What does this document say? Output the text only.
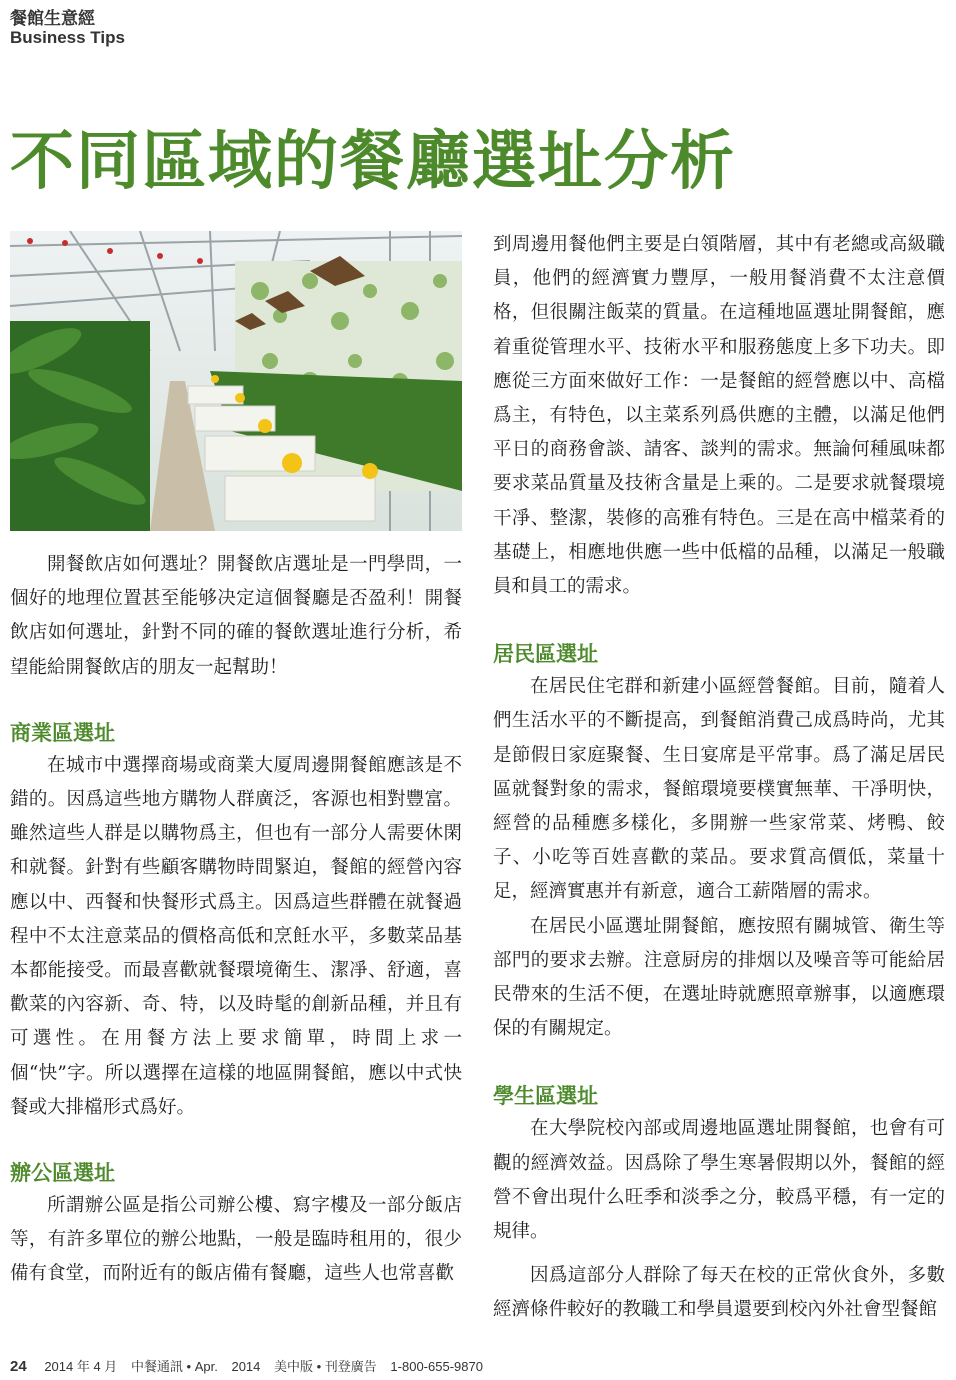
餐館生意經
Business Tips
不同區域的餐廳選址分析

開餐飲店如何選址？開餐飲店選址是一門學問，一個好的地理位置甚至能够决定這個餐廳是否盈利！開餐飲店如何選址，針對不同的確的餐飲選址進行分析，希望能給開餐飲店的朋友一起幫助！

商業區選址

在城市中選擇商場或商業大厦周邊開餐館應該是不錯的。因爲這些地方購物人群廣泛，客源也相對豐富。雖然這些人群是以購物爲主，但也有一部分人需要休閑和就餐。針對有些顧客購物時間緊迫，餐館的經營內容應以中、西餐和快餐形式爲主。因爲這些群體在就餐過程中不太注意菜品的價格高低和烹飪水平，多數菜品基本都能接受。而最喜歡就餐環境衛生、潔凈、舒適，喜歡菜的內容新、奇、特，以及時髦的創新品種，并且有可選性。在用餐方法上要求簡單，時間上求一個“快”字。所以選擇在這樣的地區開餐館，應以中式快餐或大排檔形式爲好。

辦公區選址

所謂辦公區是指公司辦公樓、寫字樓及一部分飯店等，有許多單位的辦公地點，一般是臨時租用的，很少備有食堂，而附近有的飯店備有餐廳，這些人也常喜歡

到周邊用餐他們主要是白領階層，其中有老總或高級職員，他們的經濟實力豐厚，一般用餐消費不太注意價格，但很關注飯菜的質量。在這種地區選址開餐館，應着重從管理水平、技術水平和服務態度上多下功夫。即應從三方面來做好工作：一是餐館的經營應以中、高檔爲主，有特色，以主菜系列爲供應的主體，以滿足他們平日的商務會談、請客、談判的需求。無論何種風味都要求菜品質量及技術含量是上乘的。二是要求就餐環境干凈、整潔，裝修的高雅有特色。三是在高中檔菜肴的基礎上，相應地供應一些中低檔的品種，以滿足一般職員和員工的需求。

居民區選址

在居民住宅群和新建小區經營餐館。目前，隨着人們生活水平的不斷提高，到餐館消費己成爲時尚，尤其是節假日家庭聚餐、生日宴席是平常事。爲了滿足居民區就餐對象的需求，餐館環境要樸實無華、干凈明快，經營的品種應多樣化，多開辦一些家常菜、烤鴨、餃子、小吃等百姓喜歡的菜品。要求質高價低，菜量十足，經濟實惠并有新意，適合工薪階層的需求。

在居民小區選址開餐館，應按照有關城管、衛生等部門的要求去辦。注意厨房的排烟以及噪音等可能給居民帶來的生活不便，在選址時就應照章辦事，以適應環保的有關規定。

學生區選址

在大學院校內部或周邊地區選址開餐館，也會有可觀的經濟效益。因爲除了學生寒暑假期以外，餐館的經營不會出現什么旺季和淡季之分，較爲平穩，有一定的規律。

因爲這部分人群除了每天在校的正常伙食外，多數經濟條件較好的教職工和學員還要到校內外社會型餐館

24 2014 年 4 月 中餐通訊 • Apr. 2014 美中版 • 刊登廣告 1-800-655-9870
